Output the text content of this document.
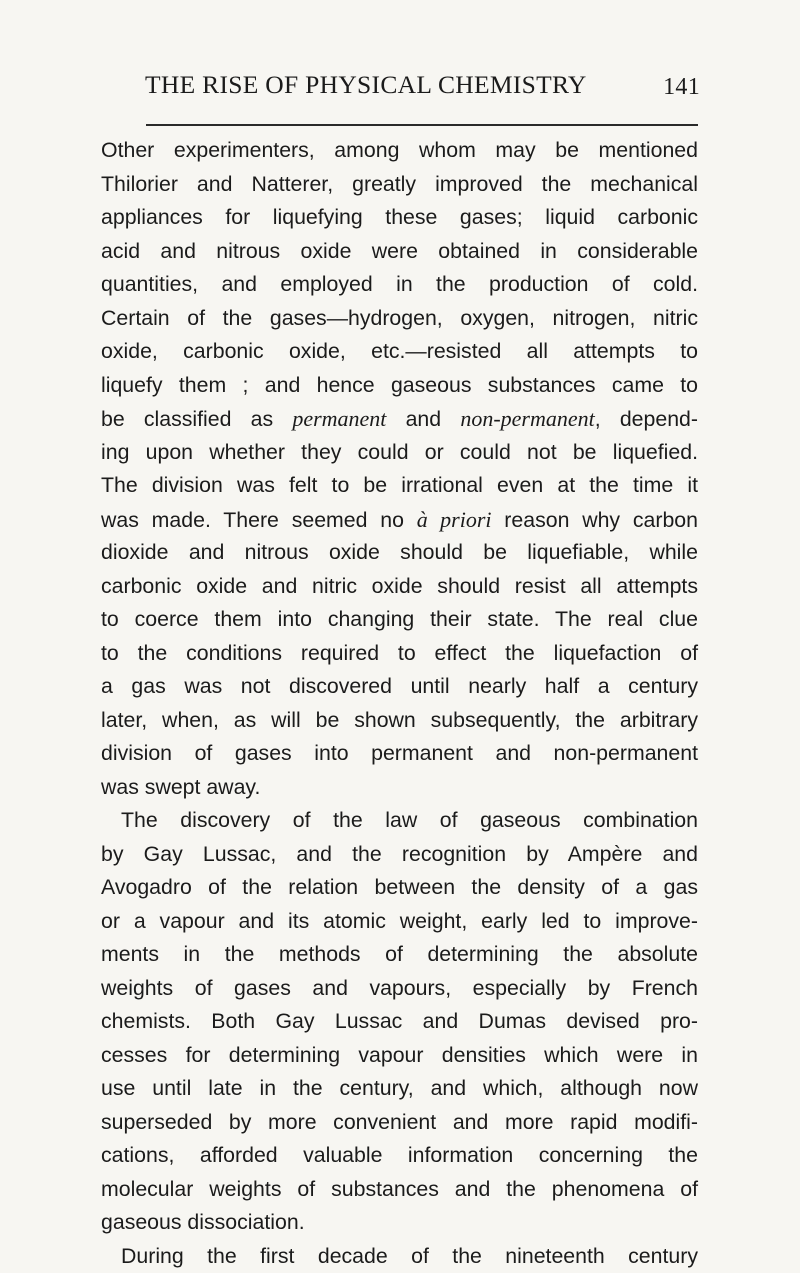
THE RISE OF PHYSICAL CHEMISTRY	141
Other experimenters, among whom may be mentioned
Thilorier and Natterer, greatly improved the mechanical
appliances for liquefying these gases; liquid carbonic
acid and nitrous oxide were obtained in considerable
quantities, and employed in the production of cold.
Certain of the gases—hydrogen, oxygen, nitrogen, nitric
oxide, carbonic oxide, etc.—resisted all attempts to
liquefy them ; and hence gaseous substances came to
be classified as permanent and non-permanent, depend-
ing upon whether they could or could not be liquefied.
The division was felt to be irrational even at the time it
was made. There seemed no à priori reason why carbon
dioxide and nitrous oxide should be liquefiable, while
carbonic oxide and nitric oxide should resist all attempts
to coerce them into changing their state. The real clue
to the conditions required to effect the liquefaction of
a gas was not discovered until nearly half a century
later, when, as will be shown subsequently, the arbitrary
division of gases into permanent and non-permanent
was swept away.
The discovery of the law of gaseous combination
by Gay Lussac, and the recognition by Ampère and
Avogadro of the relation between the density of a gas
or a vapour and its atomic weight, early led to improve-
ments in the methods of determining the absolute
weights of gases and vapours, especially by French
chemists. Both Gay Lussac and Dumas devised pro-
cesses for determining vapour densities which were in
use until late in the century, and which, although now
superseded by more convenient and more rapid modifi-
cations, afforded valuable information concerning the
molecular weights of substances and the phenomena of
gaseous dissociation.
During the first decade of the nineteenth century
